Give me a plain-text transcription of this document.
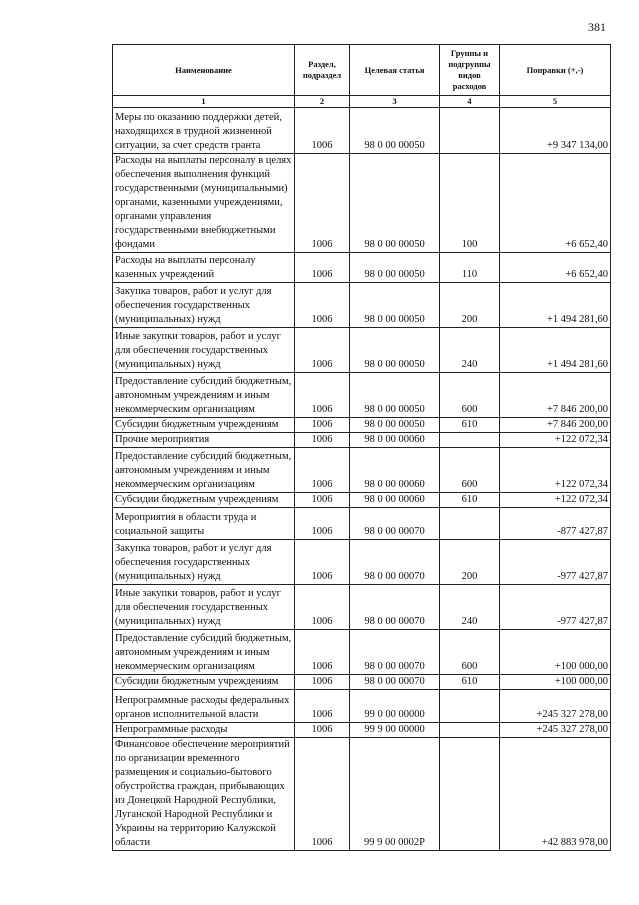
381
Наименование	Раздел, подраздел	Целевая статья	Группы и подгруппы видов расходов	Поправки (+,-)
1	2	3	4	5
Меры по оказанию поддержки детей, находящихся в трудной жизненной ситуации, за счет средств гранта	1006	98 0 00 00050		+9 347 134,00
Расходы на выплаты персоналу в целях обеспечения выполнения функций государственными (муниципальными) органами, казенными учреждениями, органами управления государственными внебюджетными фондами	1006	98 0 00 00050	100	+6 652,40
Расходы на выплаты персоналу казенных учреждений	1006	98 0 00 00050	110	+6 652,40
Закупка товаров, работ и услуг для обеспечения государственных (муниципальных) нужд	1006	98 0 00 00050	200	+1 494 281,60
Иные закупки товаров, работ и услуг для обеспечения государственных (муниципальных) нужд	1006	98 0 00 00050	240	+1 494 281,60
Предоставление субсидий бюджетным, автономным учреждениям и иным некоммерческим организациям	1006	98 0 00 00050	600	+7 846 200,00
Субсидии бюджетным учреждениям	1006	98 0 00 00050	610	+7 846 200,00
Прочие мероприятия	1006	98 0 00 00060		+122 072,34
Предоставление субсидий бюджетным, автономным учреждениям и иным некоммерческим организациям	1006	98 0 00 00060	600	+122 072,34
Субсидии бюджетным учреждениям	1006	98 0 00 00060	610	+122 072,34
Мероприятия в области труда и социальной защиты	1006	98 0 00 00070		-877 427,87
Закупка товаров, работ и услуг для обеспечения государственных (муниципальных) нужд	1006	98 0 00 00070	200	-977 427,87
Иные закупки товаров, работ и услуг для обеспечения государственных (муниципальных) нужд	1006	98 0 00 00070	240	-977 427,87
Предоставление субсидий бюджетным, автономным учреждениям и иным некоммерческим организациям	1006	98 0 00 00070	600	+100 000,00
Субсидии бюджетным учреждениям	1006	98 0 00 00070	610	+100 000,00
Непрограммные расходы федеральных органов исполнительной власти	1006	99 0 00 00000		+245 327 278,00
Непрограммные расходы	1006	99 9 00 00000		+245 327 278,00
Финансовое обеспечение мероприятий по организации временного размещения и социально-бытового обустройства граждан, прибывающих из Донецкой Народной Республики, Луганской Народной Республики и Украины на территорию Калужской области	1006	99 9 00 0002Р		+42 883 978,00
